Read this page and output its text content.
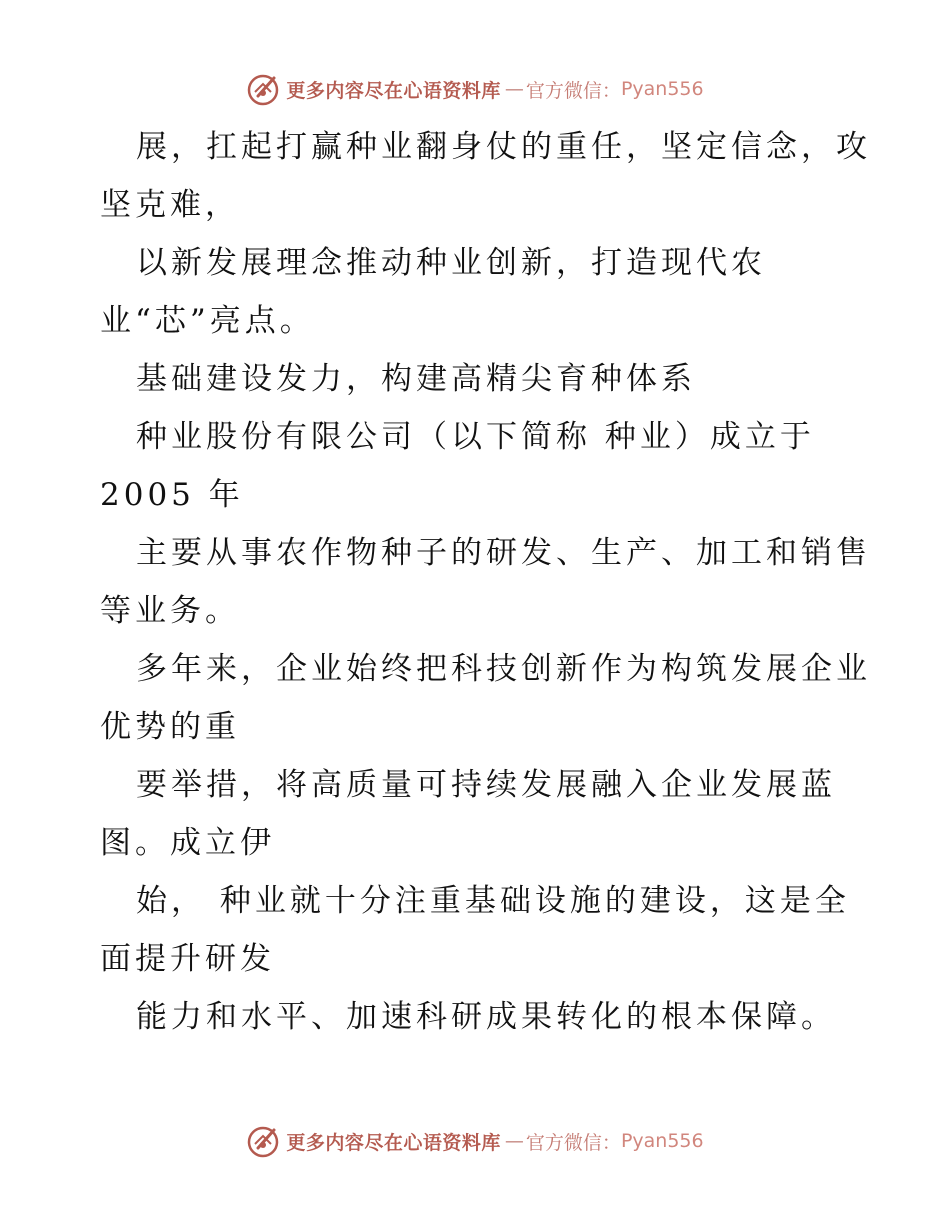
更多内容尽在心语资料库 — 官方微信： Pyan556
展，扛起打赢种业翻身仗的重任，坚定信念，攻
坚克难，
以新发展理念推动种业创新，打造现代农
业“芯”亮点。
基础建设发力，构建高精尖育种体系
种业股份有限公司（以下简称 种业）成立于
2005 年
主要从事农作物种子的研发、生产、加工和销售
等业务。
多年来，企业始终把科技创新作为构筑发展企业
优势的重
要举措，将高质量可持续发展融入企业发展蓝
图。成立伊
始， 种业就十分注重基础设施的建设，这是全
面提升研发
能力和水平、加速科研成果转化的根本保障。
更多内容尽在心语资料库 — 官方微信： Pyan556
